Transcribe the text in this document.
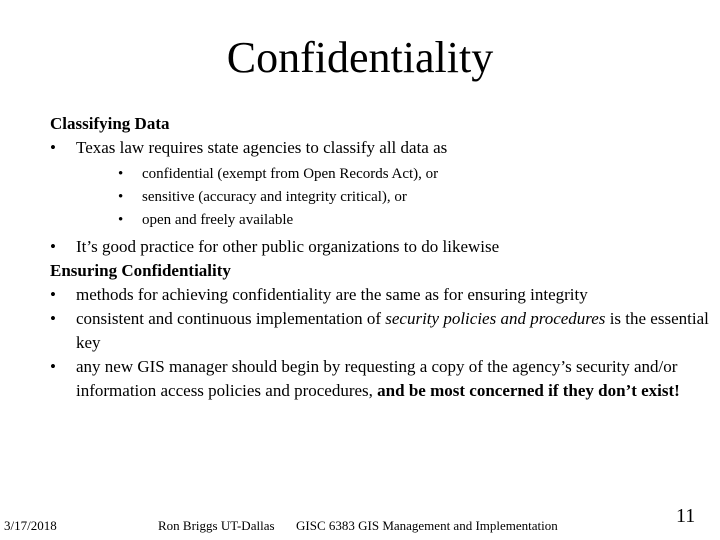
Confidentiality
Classifying Data
• Texas law requires state agencies to classify all data as
• confidential (exempt from Open Records Act), or
• sensitive (accuracy and integrity critical), or
• open and freely available
• It’s good practice for other public organizations to do likewise
Ensuring Confidentiality
• methods for achieving confidentiality are the same as for ensuring integrity
• consistent and continuous implementation of security policies and procedures is the essential key
• any new GIS manager should begin by requesting a copy of the agency’s security and/or information access policies and procedures, and be most concerned if they don’t exist!
3/17/2018	Ron Briggs UT-Dallas GISC 6383 GIS Management and Implementation	11
